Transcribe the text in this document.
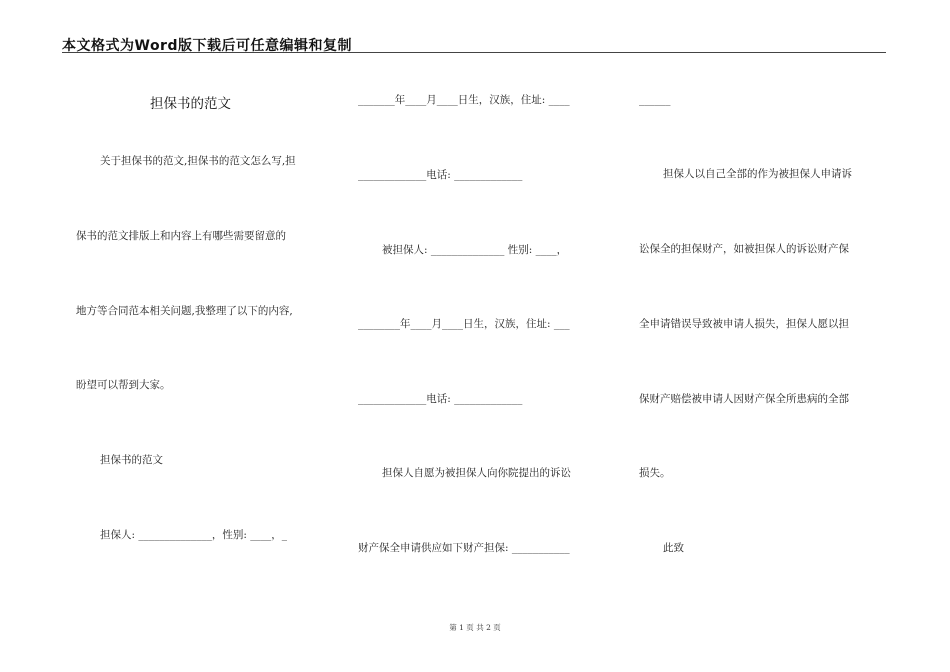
本文格式为Word版下载后可任意编辑和复制
担保书的范文
关于担保书的范文,担保书的范文怎么写,担
保书的范文排版上和内容上有哪些需要留意的
地方等合同范本相关问题,我整理了以下的内容,
盼望可以帮到大家。
担保书的范文
担保人: ______________，性别: ____，_
_______年____月____日生，汉族，住址: ____
_____________电话: _____________
被担保人: ______________ 性别: ____，
________年____月____日生，汉族，住址: ___
_____________电话: _____________
担保人自愿为被担保人向你院提出的诉讼
财产保全申请供应如下财产担保: ___________
______
担保人以自己全部的作为被担保人申请诉
讼保全的担保财产，如被担保人的诉讼财产保
全申请错误导致被申请人损失，担保人愿以担
保财产赔偿被申请人因财产保全所患病的全部
损失。
此致
第 1 页 共 2 页
